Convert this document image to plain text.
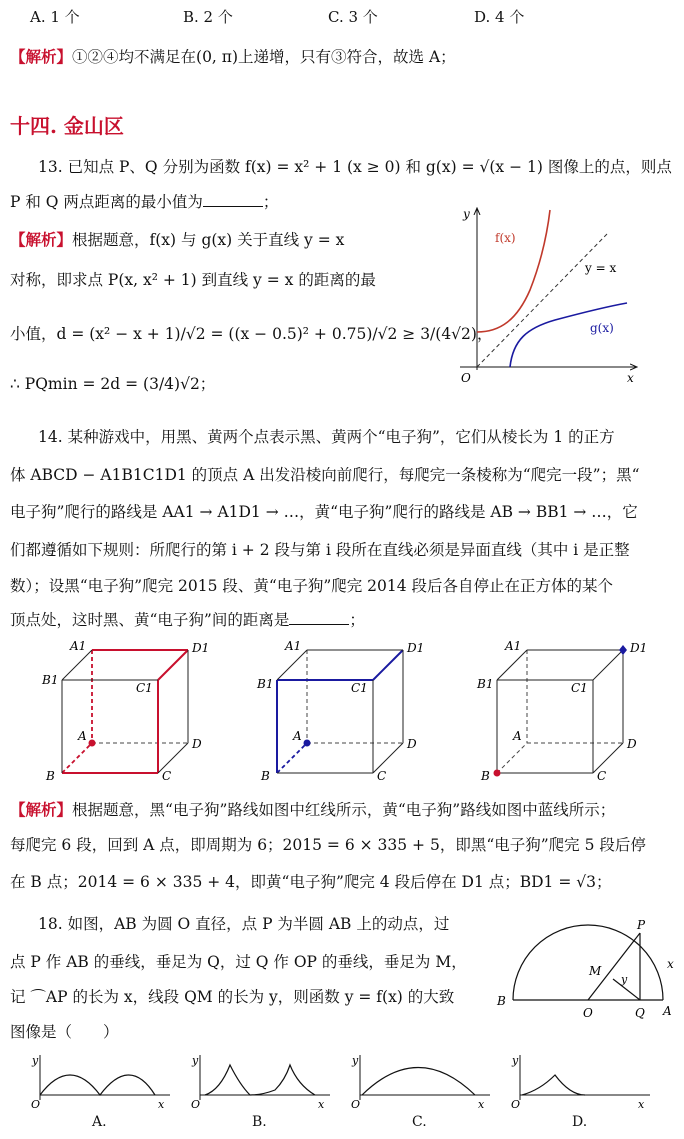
A. 1 个	B. 2 个	C. 3 个	D. 4 个
【解析】①②④均不满足在(0, π)上递增，只有③符合，故选 A；
十四. 金山区
13. 已知点 P、Q 分别为函数 f(x) = x² + 1 (x ≥ 0) 和 g(x) = √(x − 1) 图像上的点，则点
P 和 Q 两点距离的最小值为	；
【解析】根据题意，f(x) 与 g(x) 关于直线 y = x
对称，即求点 P(x, x² + 1) 到直线 y = x 的距离的最
小值，d = (x² − x + 1)/√2 = ((x − 0.5)² + 0.75)/√2 ≥ 3/(4√2)，
∴ PQmin = 2d = (3/4)√2；
y
x
O
f(x)
y = x
g(x)
14. 某种游戏中，用黑、黄两个点表示黑、黄两个“电子狗”，它们从棱长为 1 的正方
体 ABCD − A1B1C1D1 的顶点 A 出发沿棱向前爬行，每爬完一条棱称为“爬完一段”；黑“
电子狗”爬行的路线是 AA1 → A1D1 → …，黄“电子狗”爬行的路线是 AB → BB1 → …，它
们都遵循如下规则：所爬行的第 i + 2 段与第 i 段所在直线必须是异面直线（其中 i 是正整
数）；设黑“电子狗”爬完 2015 段、黄“电子狗”爬完 2014 段后各自停止在正方体的某个
顶点处，这时黑、黄“电子狗”间的距离是	；
A1	D1
B1
C1
A
D
B	C
A1	D1
B1	C1
A
D
B	C
A1	D1
B1	C1
A
D
B	C
【解析】根据题意，黑“电子狗”路线如图中红线所示，黄“电子狗”路线如图中蓝线所示；
每爬完 6 段，回到 A 点，即周期为 6；2015 = 6 × 335 + 5，即黑“电子狗”爬完 5 段后停
在 B 点；2014 = 6 × 335 + 4，即黄“电子狗”爬完 4 段后停在 D1 点；BD1 = √3；
18. 如图，AB 为圆 O 直径，点 P 为半圆 AB 上的动点，过
点 P 作 AB 的垂线，垂足为 Q，过 Q 作 OP 的垂线，垂足为 M，
记 ⌒AP 的长为 x，线段 QM 的长为 y，则函数 y = f(x) 的大致
图像是（　　）
P
M
y
x
B
O	Q A
y
x
O
y
x
O
y
x
O
y
x
O
A.	B.	C.	D.
